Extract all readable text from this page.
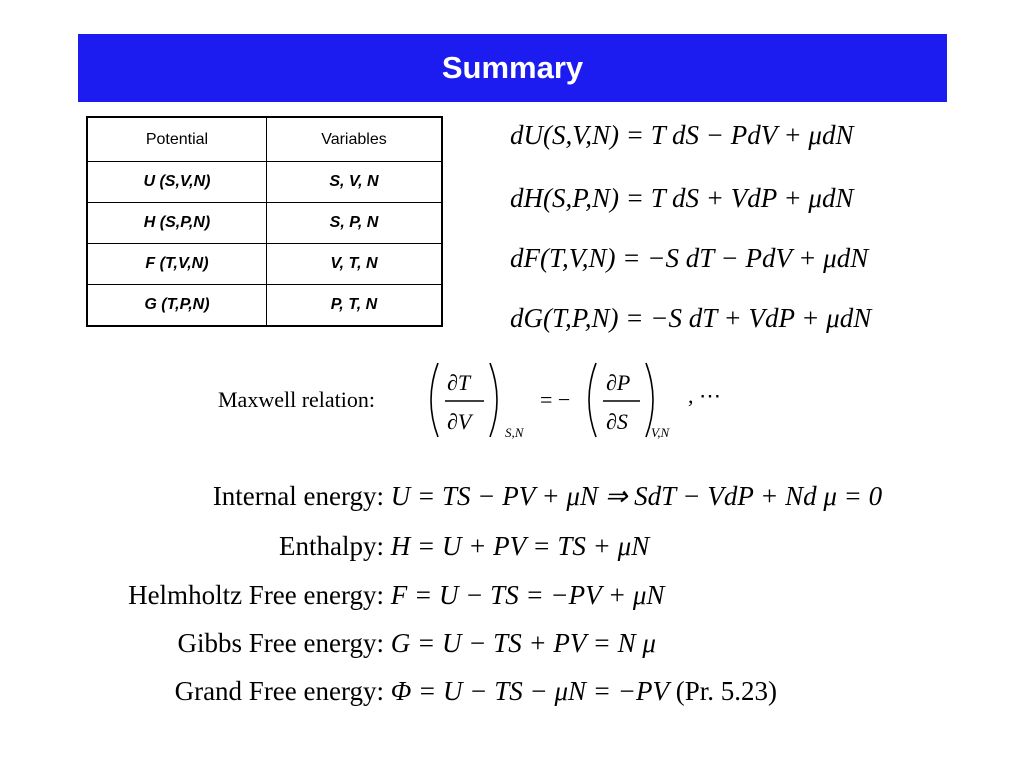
Summary
Potential	Variables
U (S,V,N)	S, V, N
H (S,P,N)	S, P, N
F (T,V,N)	V, T, N
G (T,P,N)	P, T, N
dU(S,V,N) = T dS − PdV + μdN
dH(S,P,N) = T dS + VdP + μdN
dF(T,V,N) = −S dT − PdV + μdN
dG(T,P,N) = −S dT + VdP + μdN
Maxwell relation:
∂T
∂V	S,N
= −
∂P
∂S V,N
, ⋯
Internal energy: U = TS − PV + μN ⇒ SdT − VdP + Nd μ = 0
Enthalpy: H = U + PV = TS + μN
Helmholtz Free energy: F = U − TS = −PV + μN
Gibbs Free energy: G = U − TS + PV = N μ
Grand Free energy: Φ = U − TS − μN = −PV (Pr. 5.23)
